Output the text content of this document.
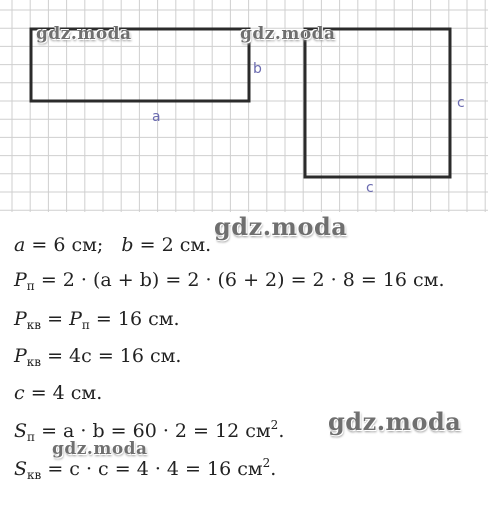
a
b
c
c
gdz.moda	gdz.moda
gdz.moda
gdz.moda
gdz.moda
a = 6 см;   b = 2 см.
$P_п = 2 \cdot (a + b) = 2 \cdot (6 + 2) = 2 \cdot 8 = 16$ см.
$P_{кв} = P_п = 16$ см.
$P_{кв} = 4c = 16$ см.
c = 4 см.
$S_п = a \cdot b = 60 \cdot 2 = 12$ $см^2$.
$S_{кв} = c \cdot c = 4 \cdot 4 = 16$ $см^2$.
